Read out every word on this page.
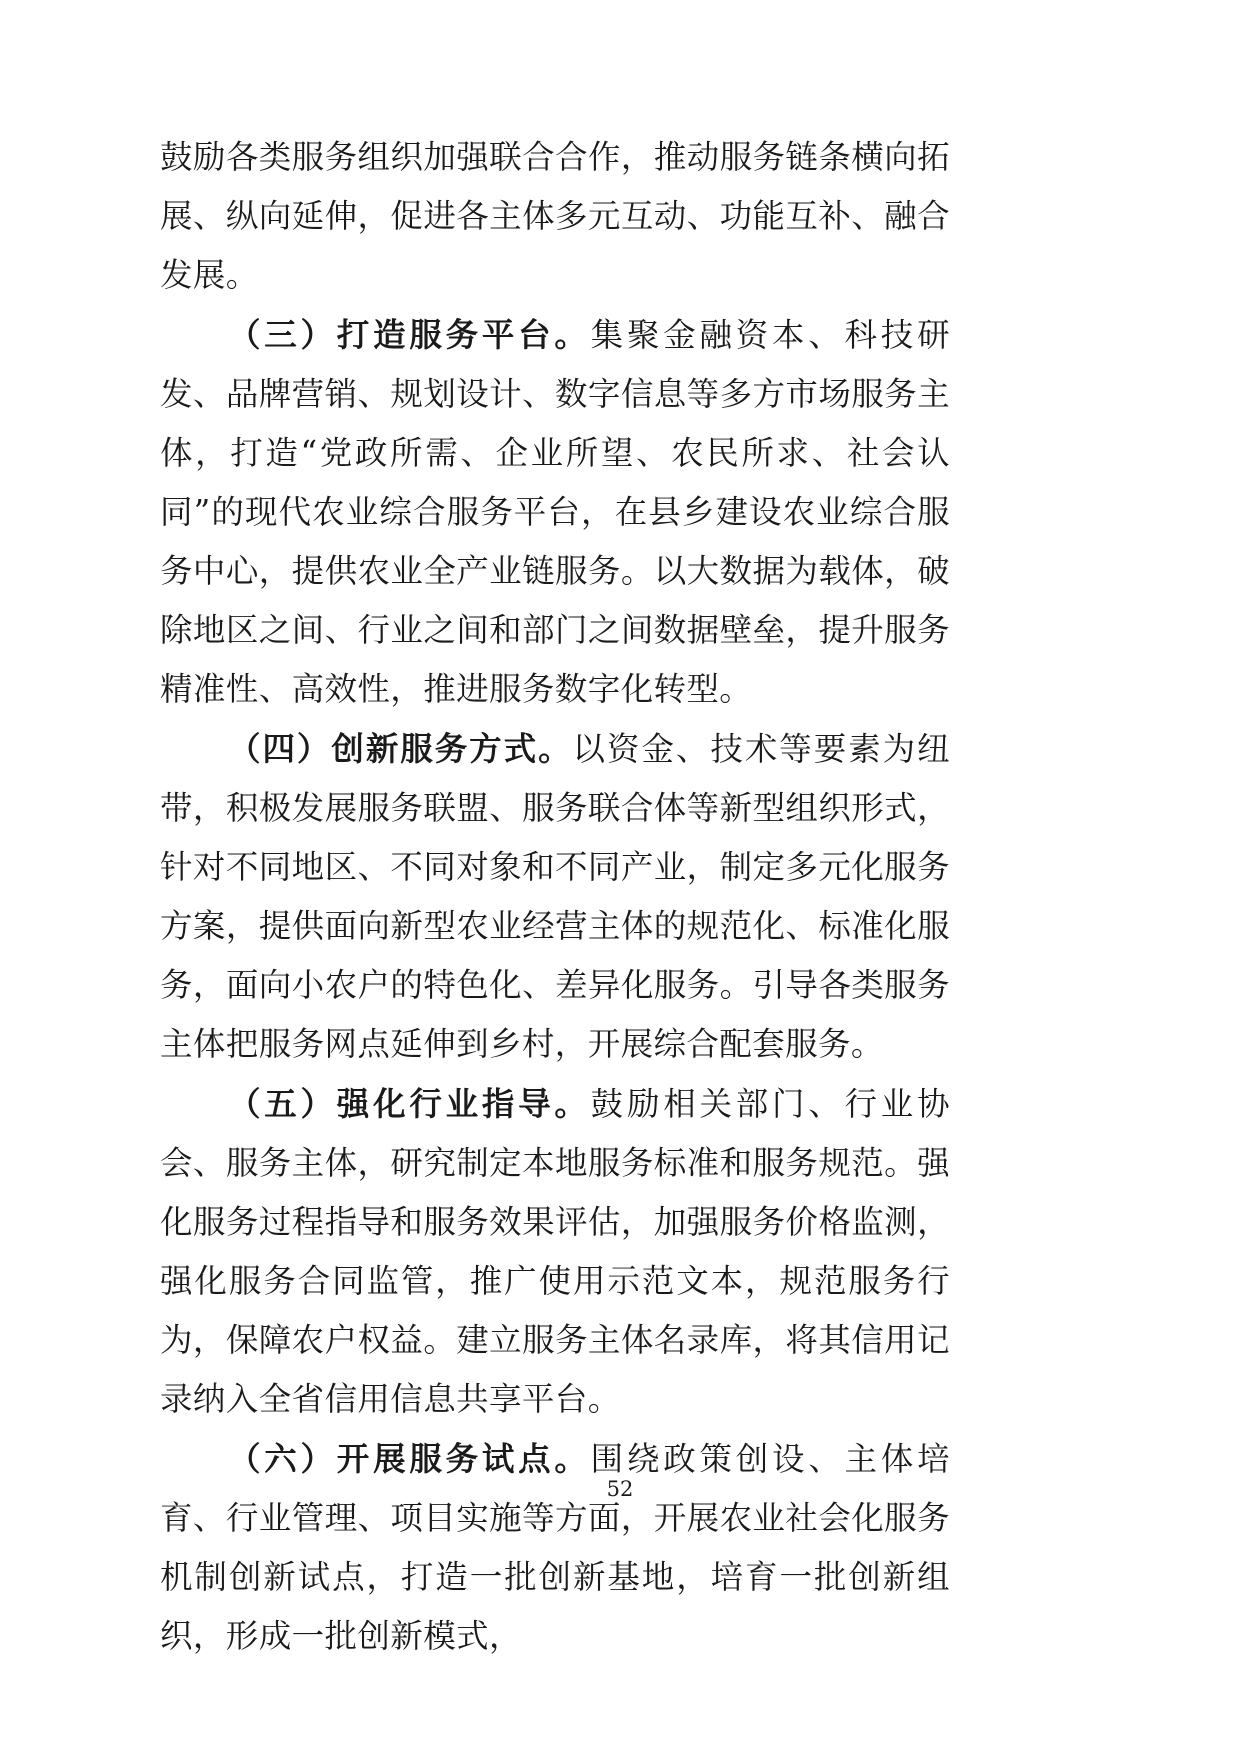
鼓励各类服务组织加强联合合作，推动服务链条横向拓展、纵向延伸，促进各主体多元互动、功能互补、融合发展。

（三）打造服务平台。集聚金融资本、科技研发、品牌营销、规划设计、数字信息等多方市场服务主体，打造“党政所需、企业所望、农民所求、社会认同”的现代农业综合服务平台，在县乡建设农业综合服务中心，提供农业全产业链服务。以大数据为载体，破除地区之间、行业之间和部门之间数据壁垒，提升服务精准性、高效性，推进服务数字化转型。

（四）创新服务方式。以资金、技术等要素为纽带，积极发展服务联盟、服务联合体等新型组织形式，针对不同地区、不同对象和不同产业，制定多元化服务方案，提供面向新型农业经营主体的规范化、标准化服务，面向小农户的特色化、差异化服务。引导各类服务主体把服务网点延伸到乡村，开展综合配套服务。

（五）强化行业指导。鼓励相关部门、行业协会、服务主体，研究制定本地服务标准和服务规范。强化服务过程指导和服务效果评估，加强服务价格监测，强化服务合同监管，推广使用示范文本，规范服务行为，保障农户权益。建立服务主体名录库，将其信用记录纳入全省信用信息共享平台。

（六）开展服务试点。围绕政策创设、主体培育、行业管理、项目实施等方面，开展农业社会化服务机制创新试点，打造一批创新基地，培育一批创新组织，形成一批创新模式，

52
